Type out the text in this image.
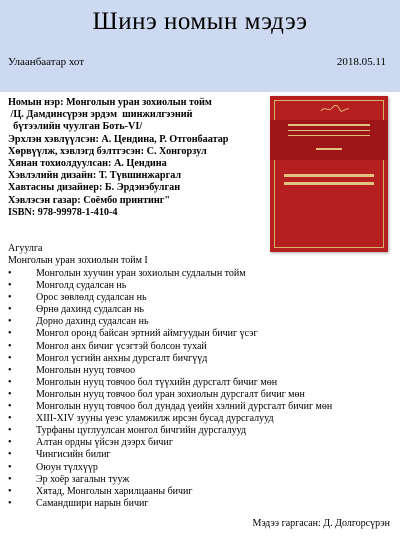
Шинэ номын мэдээ
Улаанбаатар хот	2018.05.11
Номын нэр: Монголын уран зохиолын тойм
/Ц. Дамдинсүрэн эрдэм  шинжилгээний
бүтээлийн чуулган Боть-VI/
Эрхлэн хэвлүүлсэн: А. Цендина, Р. Отгонбаатар
Хөрвүүлж, хэвлэгд бэлтгэсэн: С. Хонгорзул
Хянан тохиолдуулсан: А. Цендина
Хэвлэлийн дизайн: Т. Түвшинжаргал
Хавтасны дизайнер: Б. Эрдэнэбулган
Хэвлэсэн газар: Соёмбо принтинг"
ISBN: 978-99978-1-410-4
Агуулга
Монголын уран зохиолын тойм I
• Монголын хуучин уран зохиолын судлалын тойм
• Монголд судалсан нь
• Орос зөвлөлд судалсан нь
• Өрнө дахинд судалсан нь
• Дорно дахинд судалсан нь
• Монгол оронд байсан эртний аймгуудын бичиг үсэг
• Монгол анх бичиг үсэгтэй болсон тухай
• Монгол үсгийн анхны дурсгалт бичгүүд
• Монголын нууц товчоо
• Монголын нууц товчоо бол түүхийн дурсгалт бичиг мөн
• Монголын нууц товчоо бол уран зохиолын дурсгалт бичиг мөн
• Монголын нууц товчоо бол дундад үеийн хэлний дурсгалт бичиг мөн
• XIII-XIV зууны үеэс уламжилж ирсэн бусад дурсгалууд
• Турфаны цуглуулсан монгол бичгийн дурсгалууд
• Алтан ордны үйсэн дээрх бичиг
• Чингисийн билиг
• Оюун түлхүүр
• Эр хоёр загалын тууж
• Хятад, Монголын харилцааны бичиг
• Самандшири нарын бичиг
Мэдээ гаргасан: Д. Долгорсүрэн
